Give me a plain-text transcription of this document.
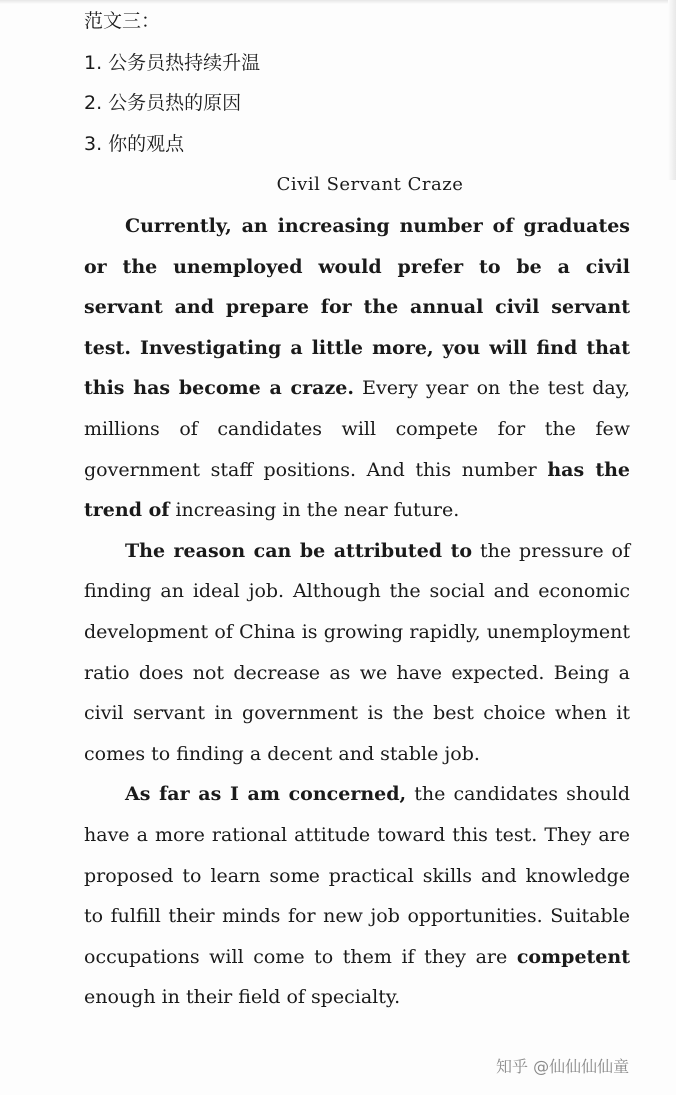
范文三：
1. 公务员热持续升温
2. 公务员热的原因
3. 你的观点
Civil Servant Craze

Currently, an increasing number of graduates or the unemployed would prefer to be a civil servant and prepare for the annual civil servant test. Investigating a little more, you will find that this has become a craze. Every year on the test day, millions of candidates will compete for the few government staff positions. And this number has the trend of increasing in the near future.

The reason can be attributed to the pressure of finding an ideal job. Although the social and economic development of China is growing rapidly, unemployment ratio does not decrease as we have expected. Being a civil servant in government is the best choice when it comes to finding a decent and stable job.

As far as I am concerned, the candidates should have a more rational attitude toward this test. They are proposed to learn some practical skills and knowledge to fulfill their minds for new job opportunities. Suitable occupations will come to them if they are competent enough in their field of specialty.

知乎 @仙仙仙仙童
